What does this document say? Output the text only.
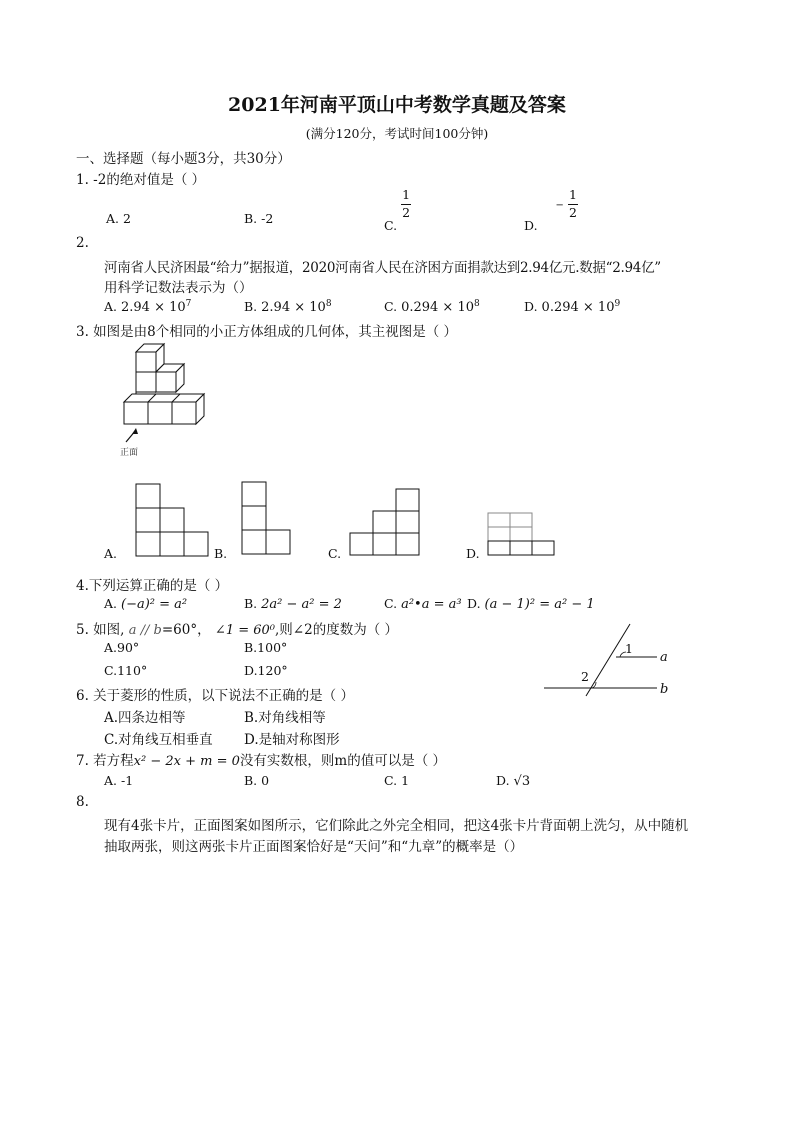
2021年河南平顶山中考数学真题及答案
(满分120分，考试时间100分钟)
一、选择题（每小题3分，共30分）
1. -2的绝对值是（ ）
A. 2	B. -2	C.
$\frac{1}{2}$
D. − $\frac{1}{2}$
2.
河南省人民济困最“给力”据报道，2020河南省人民在济困方面捐款达到2.94亿元.数据“2.94亿”
用科学记数法表示为（）
A. $2.94 \times 10^7$	B. $2.94 \times 10^8$	C. $0.294 \times 10^8$	D. $0.294 \times 10^9$
3. 如图是由8个相同的小正方体组成的几何体，其主视图是（ ）
正面
A.	B.	C.	D.
4.下列运算正确的是（ ）
A. (−a)² = a²	B. 2a² − a² = 2	C. a²•a = a³ D. (a − 1)² = a² − 1
5. 如图, a // b=60°， ∠1 = 60⁰,则∠2的度数为（ ）
A.90°	B.100°
C.110°	D.120°
1
2
a
b
6. 关于菱形的性质，以下说法不正确的是（ ）
A.四条边相等	B.对角线相等
C.对角线互相垂直 D.是轴对称图形
7. 若方程x² − 2x + m = 0没有实数根，则m的值可以是（ ）
A. -1	B. 0	C. 1	D. √3
8.
现有4张卡片，正面图案如图所示，它们除此之外完全相同，把这4张卡片背面朝上洗匀，从中随机
抽取两张，则这两张卡片正面图案恰好是“天问”和“九章”的概率是（）
